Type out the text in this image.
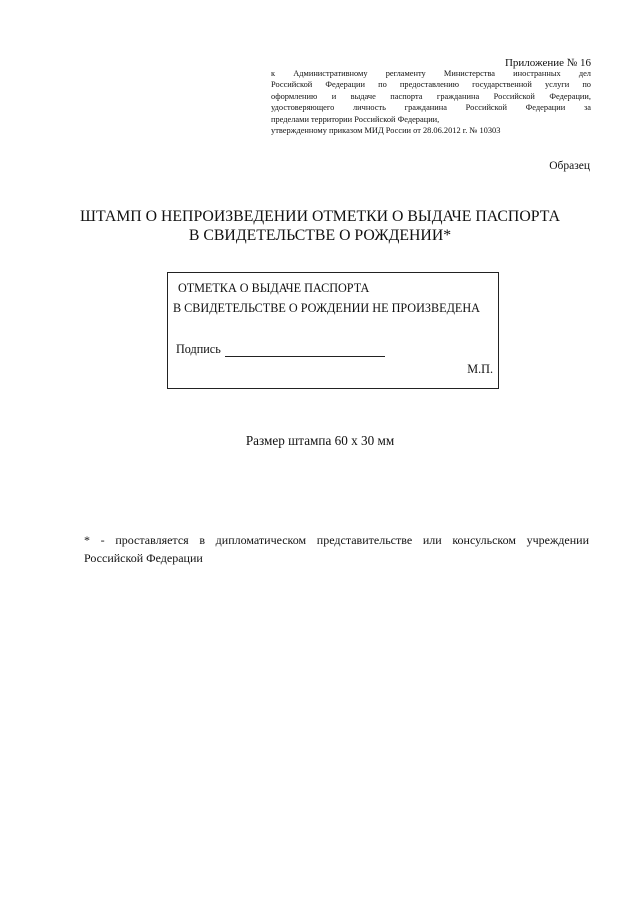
Приложение № 16
к Административному регламенту Министерства иностранных дел
Российской Федерации по предоставлению государственной услуги по
оформлению и выдаче паспорта гражданина Российской Федерации,
удостоверяющего личность гражданина Российской Федерации за
пределами территории Российской Федерации,
утвержденному приказом МИД России от 28.06.2012 г. № 10303
Образец
ШТАМП О НЕПРОИЗВЕДЕНИИ ОТМЕТКИ О ВЫДАЧЕ ПАСПОРТА
В СВИДЕТЕЛЬСТВЕ О РОЖДЕНИИ*
ОТМЕТКА О ВЫДАЧЕ ПАСПОРТА
В СВИДЕТЕЛЬСТВЕ О РОЖДЕНИИ НЕ ПРОИЗВЕДЕНА
Подпись
М.П.
Размер штампа 60 х 30 мм
* - проставляется в дипломатическом представительстве или консульском учреждении
Российской Федерации
